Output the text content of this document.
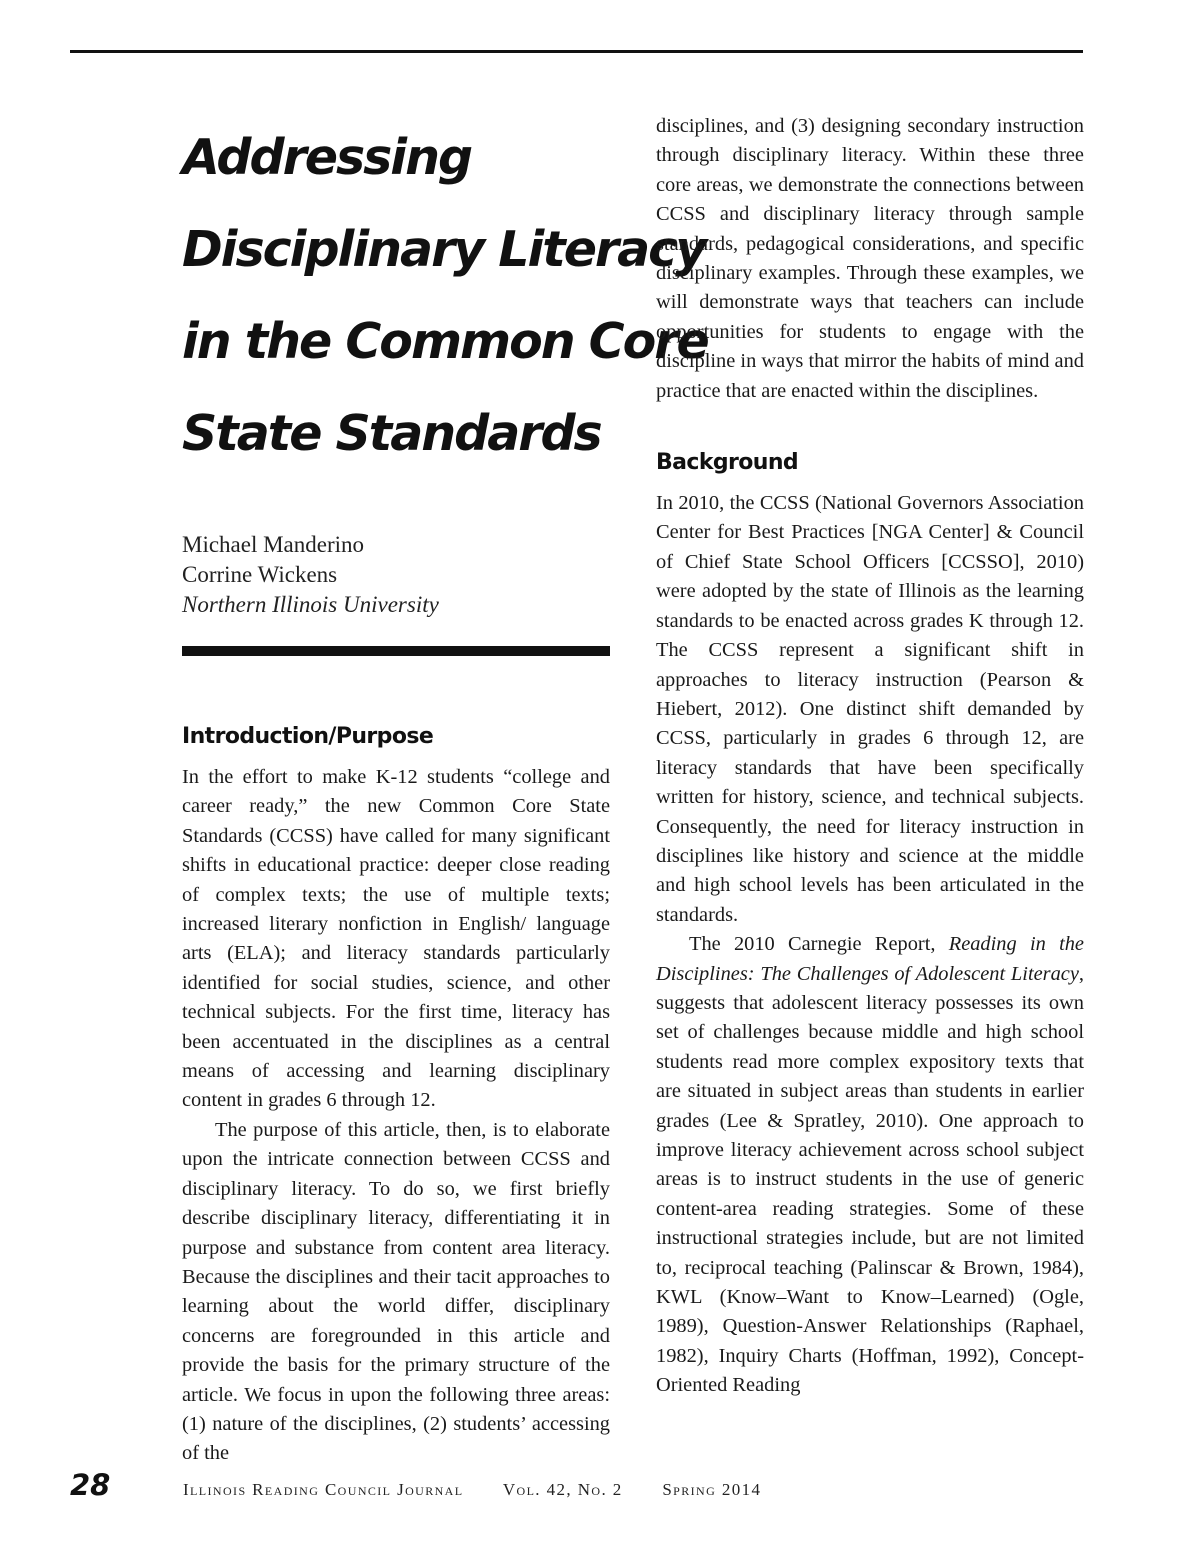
Addressing
Disciplinary Literacy
in the Common Core
State Standards
Michael Manderino
Corrine Wickens
Northern Illinois University
Introduction/Purpose

In the effort to make K-12 students “college and career ready,” the new Common Core State Standards (CCSS) have called for many significant shifts in educational practice: deeper close reading of complex texts; the use of multiple texts; increased literary nonfiction in English/ language arts (ELA); and literacy standards particularly identified for social studies, science, and other technical subjects. For the first time, literacy has been accentuated in the disciplines as a central means of accessing and learning disciplinary content in grades 6 through 12.

The purpose of this article, then, is to elaborate upon the intricate connection between CCSS and disciplinary literacy. To do so, we first briefly describe disciplinary literacy, differentiating it in purpose and substance from content area literacy. Because the disciplines and their tacit approaches to learning about the world differ, disciplinary concerns are foregrounded in this article and provide the basis for the primary structure of the article. We focus in upon the following three areas: (1) nature of the disciplines, (2) students’ accessing of the

disciplines, and (3) designing secondary instruction through disciplinary literacy. Within these three core areas, we demonstrate the connections between CCSS and disciplinary literacy through sample standards, pedagogical considerations, and specific disciplinary examples. Through these examples, we will demonstrate ways that teachers can include opportunities for students to engage with the discipline in ways that mirror the habits of mind and practice that are enacted within the disciplines.

Background

In 2010, the CCSS (National Governors Association Center for Best Practices [NGA Center] & Council of Chief State School Officers [CCSSO], 2010) were adopted by the state of Illinois as the learning standards to be enacted across grades K through 12. The CCSS represent a significant shift in approaches to literacy instruction (Pearson & Hiebert, 2012). One distinct shift demanded by CCSS, particularly in grades 6 through 12, are literacy standards that have been specifically written for history, science, and technical subjects. Consequently, the need for literacy instruction in disciplines like history and science at the middle and high school levels has been articulated in the standards.

The 2010 Carnegie Report, Reading in the Disciplines: The Challenges of Adolescent Literacy, suggests that adolescent literacy possesses its own set of challenges because middle and high school students read more complex expository texts that are situated in subject areas than students in earlier grades (Lee & Spratley, 2010). One approach to improve literacy achievement across school subject areas is to instruct students in the use of generic content-area reading strategies. Some of these instructional strategies include, but are not limited to, reciprocal teaching (Palinscar & Brown, 1984), KWL (Know–Want to Know–Learned) (Ogle, 1989), Question-Answer Relationships (Raphael, 1982), Inquiry Charts (Hoffman, 1992), Concept-Oriented Reading

28	Illinois Reading Council Journal Vol. 42, No. 2 Spring 2014
